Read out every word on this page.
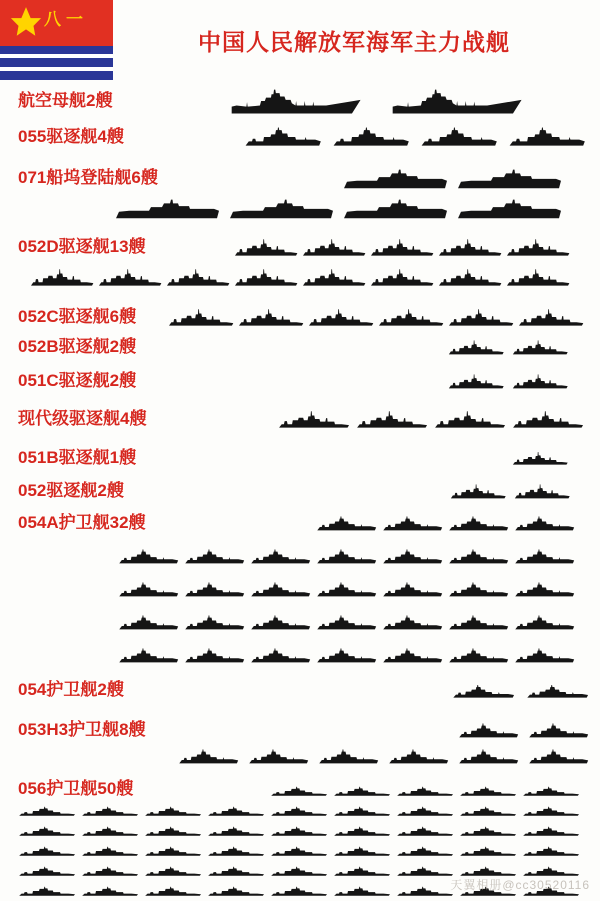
八一
中国人民解放军海军主力战舰
航空母舰2艘
055驱逐舰4艘
071船坞登陆舰6艘
052D驱逐舰13艘
052C驱逐舰6艘
052B驱逐舰2艘
051C驱逐舰2艘
现代级驱逐舰4艘
051B驱逐舰1艘
052驱逐舰2艘
054A护卫舰32艘
054护卫舰2艘
053H3护卫舰8艘
056护卫舰50艘
天翼相册@cc30520116
